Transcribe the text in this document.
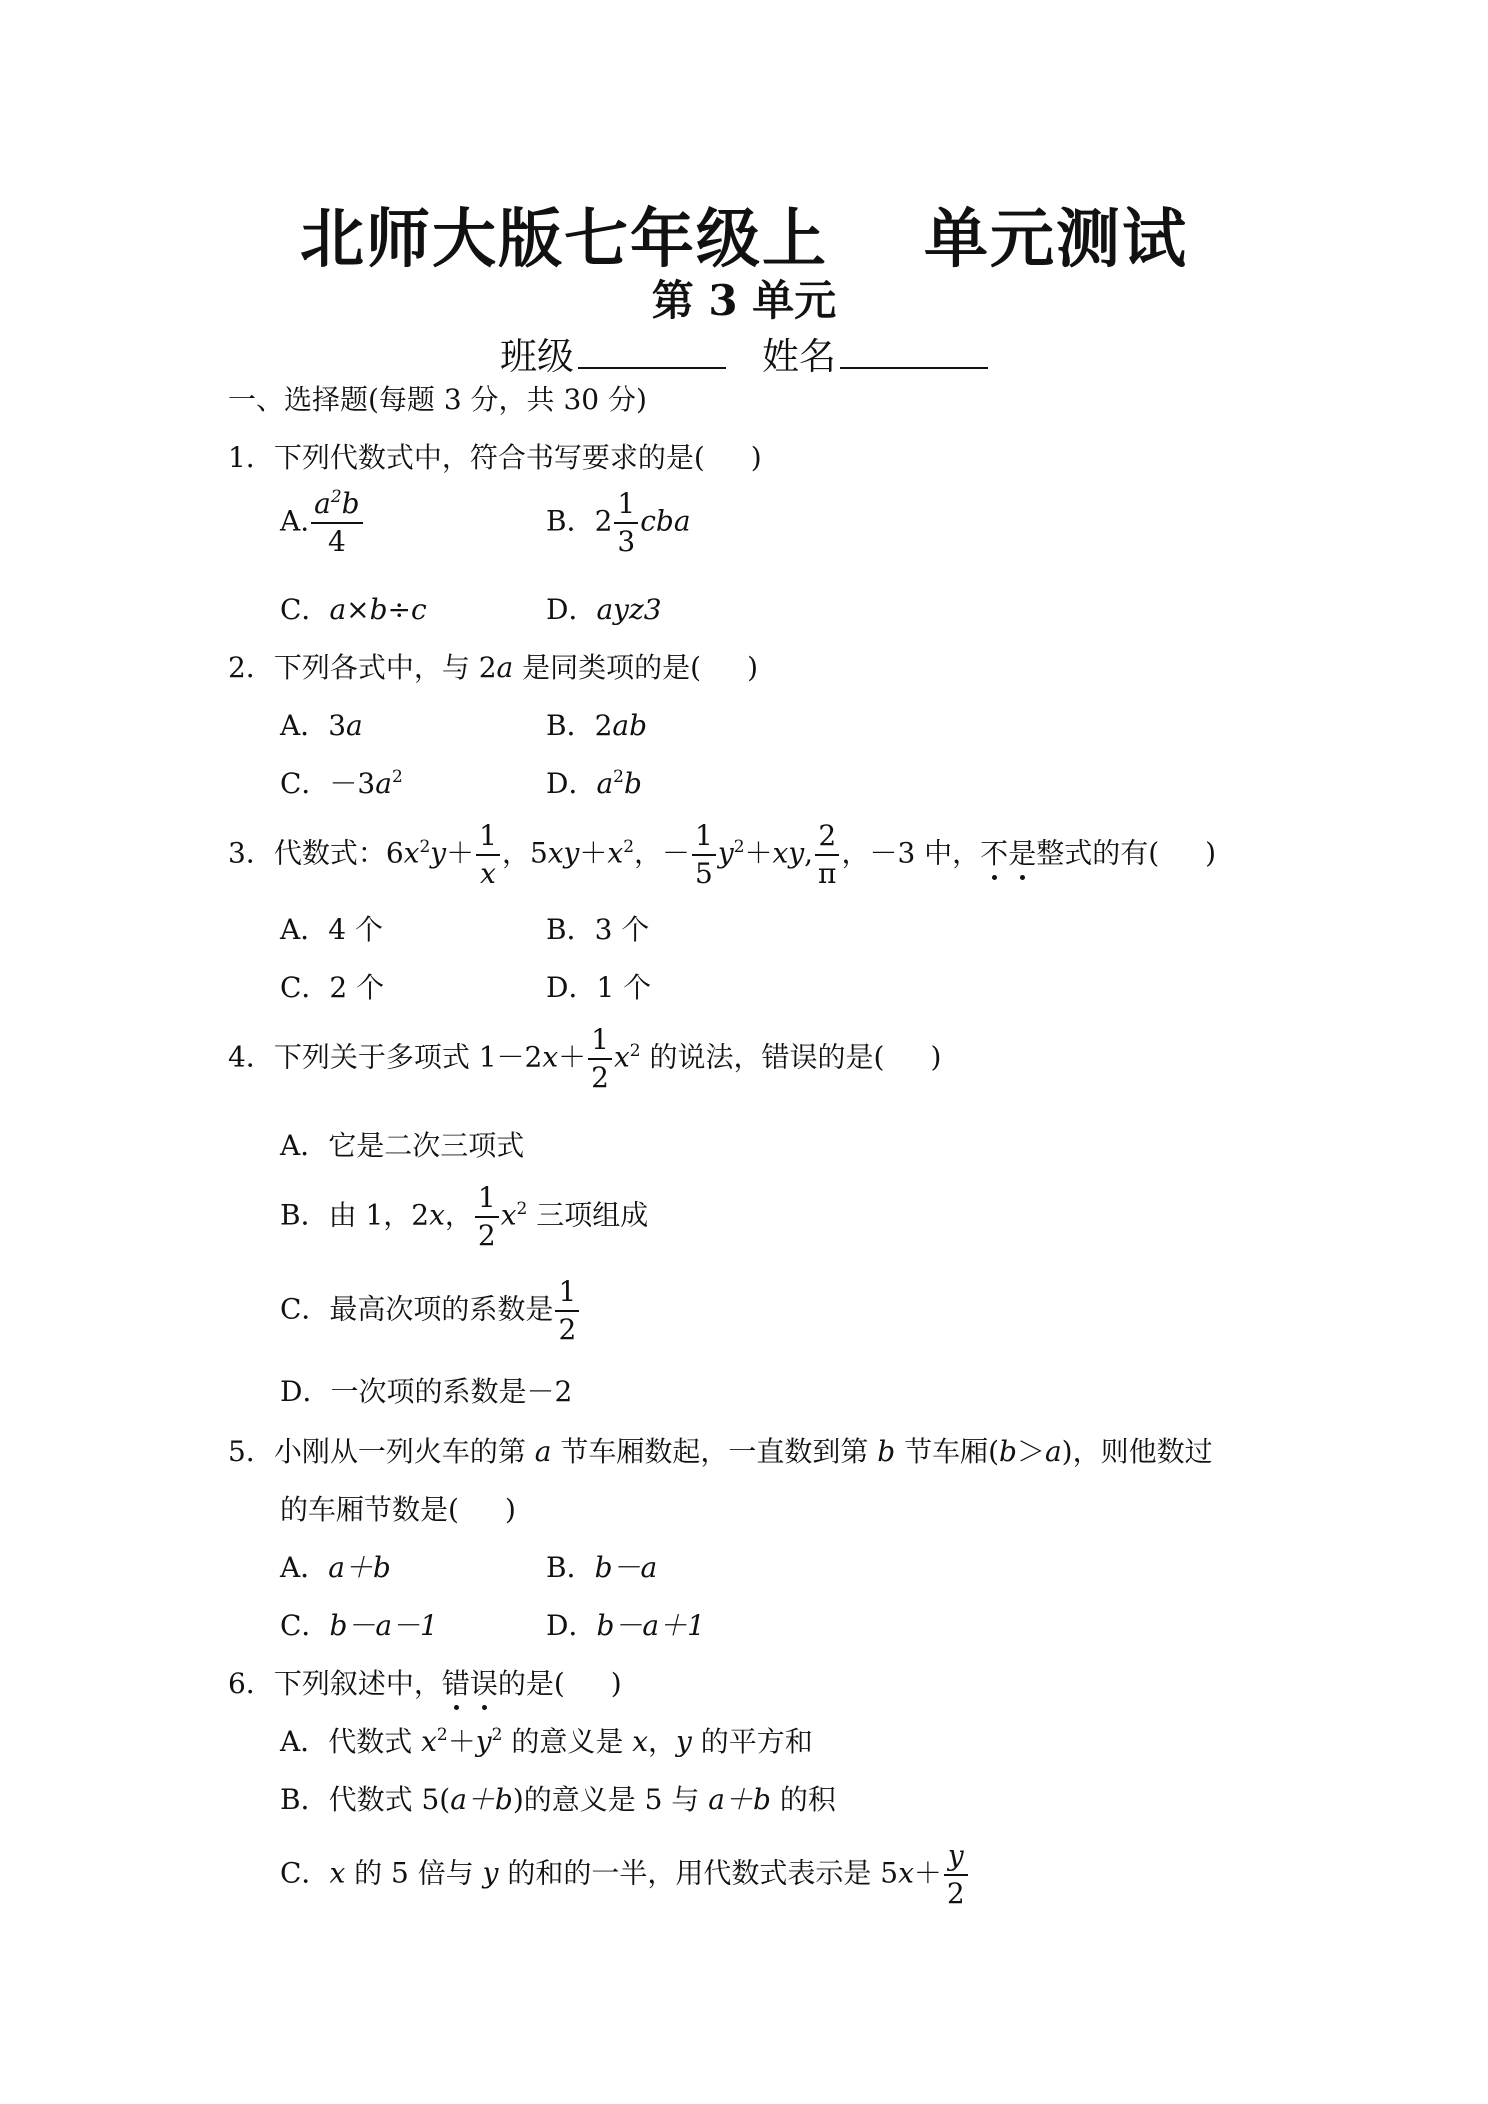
北师大版七年级上 单元测试
第 3 单元
班级	姓名
一、选择题(每题 3 分，共 30 分)
1．下列代数式中，符合书写要求的是( )
A. $\frac{a^2b}{4}$	B．$2 \frac{1}{3}$ cba
C．a×b÷c	D．ayz3
2．下列各式中，与 2a 是同类项的是( )
A．3a	B．2ab
C．$-3a^2$	D．$a^2b$
3．代数式：$6x^2y+ \frac{1}{x}$ ，$5xy+x^2$，－ $\frac{1}{5} y^2+xy$, $\frac{2}{\pi}$ ，－3 中，不是整式的有( )
A．4 个	B．3 个
C．2 个	D．1 个
4．下列关于多项式 $1-2x+ \frac{1}{2} x^2$ 的说法，错误的是( )
A．它是二次三项式
B．由 1，2x， $\frac{1}{2} x^2$ 三项组成
C．最高次项的系数是 $\frac{1}{2}$
D．一次项的系数是－2
5．小刚从一列火车的第 a 节车厢数起，一直数到第 b 节车厢(b＞a)，则他数过
的车厢节数是( )
A．a＋b	B．b－a
C．b－a－1	D．b－a＋1
6．下列叙述中，错误的是( )
A．代数式 $x^2+y^2$ 的意义是 x，y 的平方和
B．代数式 5(a＋b)的意义是 5 与 a＋b 的积
C．x 的 5 倍与 y 的和的一半，用代数式表示是 $5x+ \frac{y}{2}$
